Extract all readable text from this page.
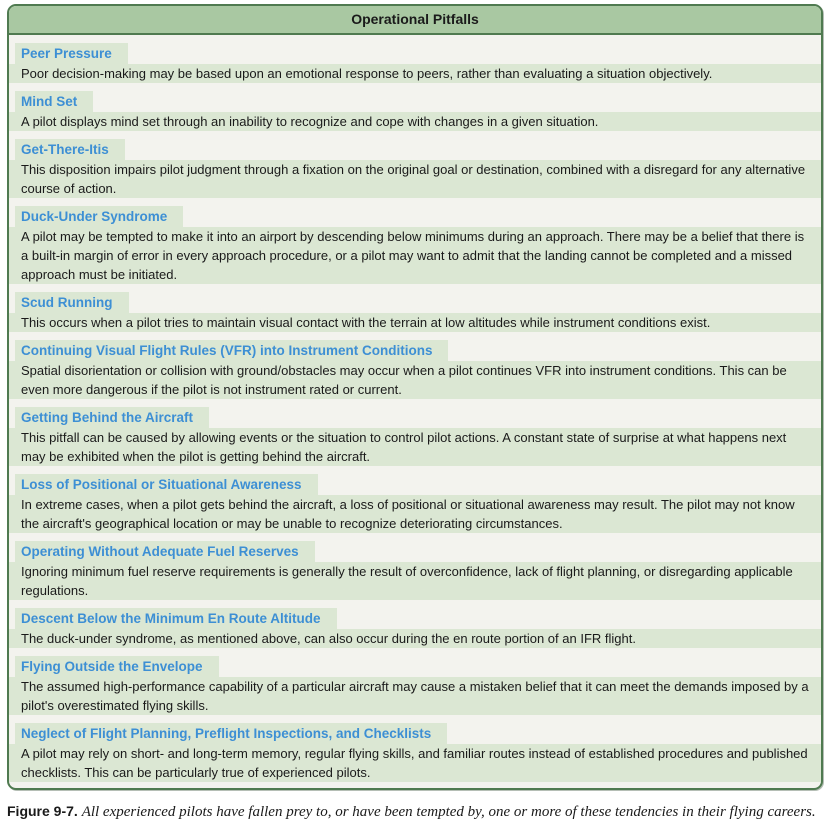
Operational Pitfalls
Peer Pressure
Poor decision-making may be based upon an emotional response to peers, rather than evaluating a situation objectively.
Mind Set
A pilot displays mind set through an inability to recognize and cope with changes in a given situation.
Get-There-Itis
This disposition impairs pilot judgment through a fixation on the original goal or destination, combined with a disregard for any alternative course of action.
Duck-Under Syndrome
A pilot may be tempted to make it into an airport by descending below minimums during an approach. There may be a belief that there is a built-in margin of error in every approach procedure, or a pilot may want to admit that the landing cannot be completed and a missed approach must be initiated.
Scud Running
This occurs when a pilot tries to maintain visual contact with the terrain at low altitudes while instrument conditions exist.
Continuing Visual Flight Rules (VFR) into Instrument Conditions
Spatial disorientation or collision with ground/obstacles may occur when a pilot continues VFR into instrument conditions. This can be even more dangerous if the pilot is not instrument rated or current.
Getting Behind the Aircraft
This pitfall can be caused by allowing events or the situation to control pilot actions. A constant state of surprise at what happens next may be exhibited when the pilot is getting behind the aircraft.
Loss of Positional or Situational Awareness
In extreme cases, when a pilot gets behind the aircraft, a loss of positional or situational awareness may result. The pilot may not know the aircraft's geographical location or may be unable to recognize deteriorating circumstances.
Operating Without Adequate Fuel Reserves
Ignoring minimum fuel reserve requirements is generally the result of overconfidence, lack of flight planning, or disregarding applicable regulations.
Descent Below the Minimum En Route Altitude
The duck-under syndrome, as mentioned above, can also occur during the en route portion of an IFR flight.
Flying Outside the Envelope
The assumed high-performance capability of a particular aircraft may cause a mistaken belief that it can meet the demands imposed by a pilot's overestimated flying skills.
Neglect of Flight Planning, Preflight Inspections, and Checklists
A pilot may rely on short- and long-term memory, regular flying skills, and familiar routes instead of established procedures and published checklists. This can be particularly true of experienced pilots.
Figure 9-7. All experienced pilots have fallen prey to, or have been tempted by, one or more of these tendencies in their flying careers.
